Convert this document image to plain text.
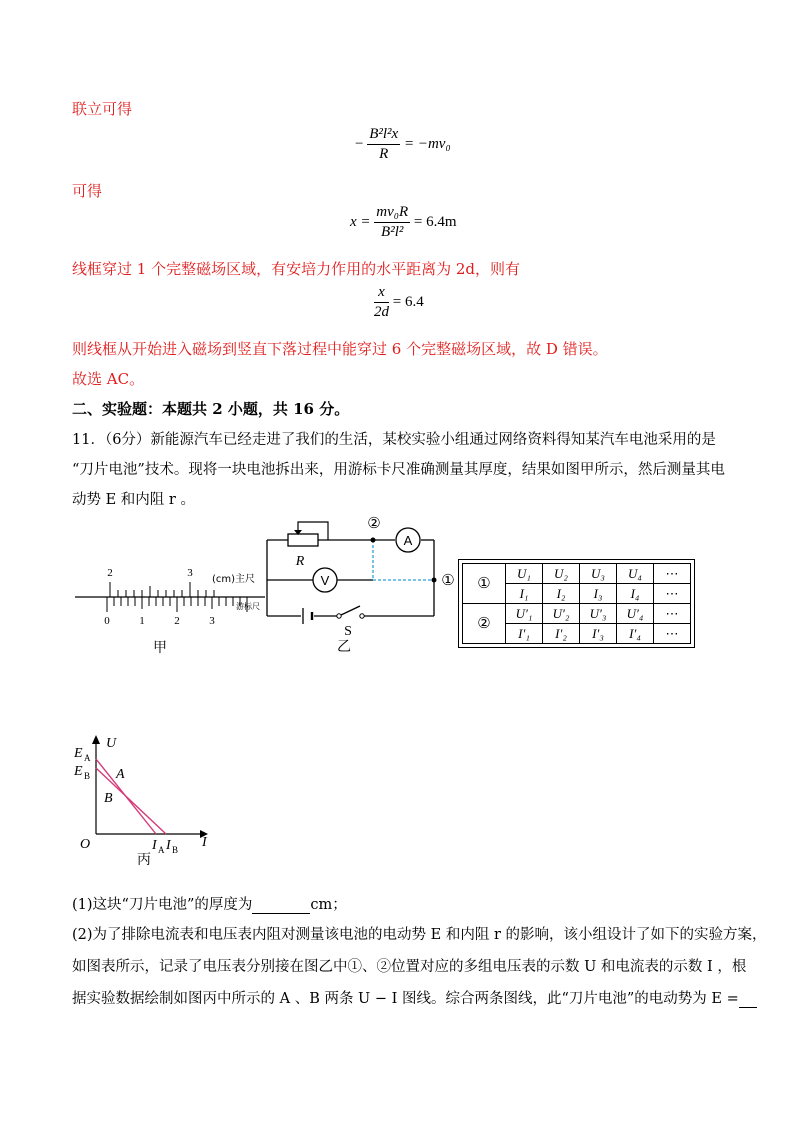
联立可得
− $\frac{\text{B²l²x}}{R} = -mv_0$
可得
$x = \frac{\text{mv₀R}}{\text{B²l²}} = 6.4m$
线框穿过 1 个完整磁场区域，有安培力作用的水平距离为 2d，则有
$\frac{x}{2d} = 6.4$
则线框从开始进入磁场到竖直下落过程中能穿过 6 个完整磁场区域，故 D 错误。
故选 AC。
二、实验题：本题共 2 小题，共 16 分。
11．（6分）新能源汽车已经走进了我们的生活，某校实验小组通过网络资料得知某汽车电池采用的是
“刀片电池”技术。现将一块电池拆出来，用游标卡尺准确测量其厚度，结果如图甲所示，然后测量其电
动势 E 和内阻 r 。
2	3
0	1	2	3
甲
(cm)主尺
游标尺
R
A
V
S
②
①
乙
①	U₁	U₂	U₃	U₄	⋯
	I₁	I₂	I₃	I₄	⋯
②	U′₁	U′₂	U′₃	U′₄	⋯
	I′₁	I′₂	I′₃	I′₄	⋯
U
I
O
E A
E B A
B
I A I B
丙
(1)这块“刀片电池”的厚度为	cm；
(2)为了排除电流表和电压表内阻对测量该电池的电动势 E 和内阻 r 的影响，该小组设计了如下的实验方案，
如图表所示，记录了电压表分别接在图乙中①、②位置对应的多组电压表的示数 U 和电流表的示数 I ，根
据实验数据绘制如图丙中所示的 A 、B 两条 U − I 图线。综合两条图线，此“刀片电池”的电动势为 E =
